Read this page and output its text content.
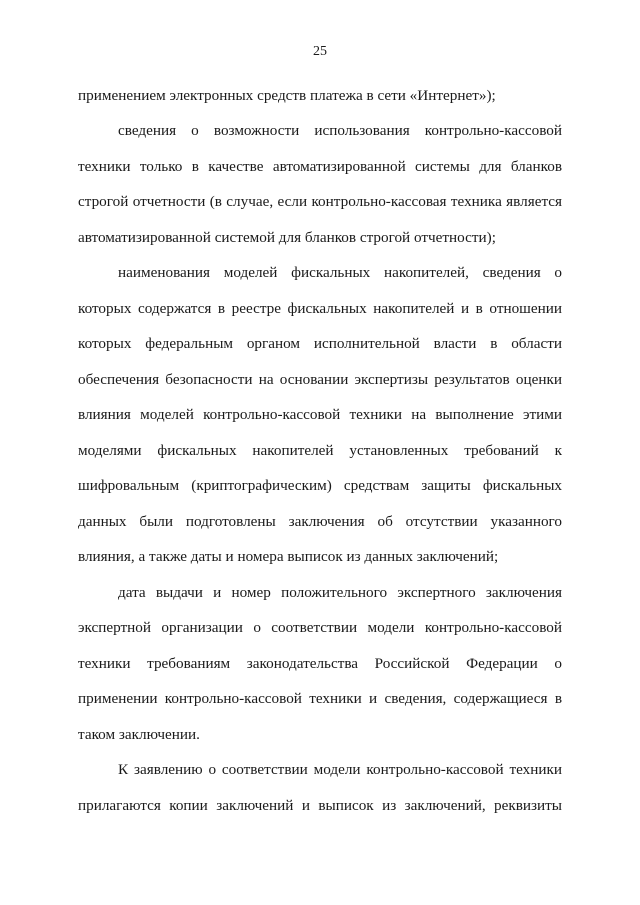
25
применением электронных средств платежа в сети «Интернет»);
сведения о возможности использования контрольно-кассовой
техники только в качестве автоматизированной системы для бланков
строгой отчетности (в случае, если контрольно-кассовая техника является
автоматизированной системой для бланков строгой отчетности);
наименования моделей фискальных накопителей, сведения о
которых содержатся в реестре фискальных накопителей и в отношении
которых федеральным органом исполнительной власти в области
обеспечения безопасности на основании экспертизы результатов оценки
влияния моделей контрольно-кассовой техники на выполнение этими
моделями фискальных накопителей установленных требований к
шифровальным (криптографическим) средствам защиты фискальных
данных были подготовлены заключения об отсутствии указанного
влияния, а также даты и номера выписок из данных заключений;
дата выдачи и номер положительного экспертного заключения
экспертной организации о соответствии модели контрольно-кассовой
техники требованиям законодательства Российской Федерации о
применении контрольно-кассовой техники и сведения, содержащиеся в
таком заключении.
К заявлению о соответствии модели контрольно-кассовой техники
прилагаются копии заключений и выписок из заключений, реквизиты
